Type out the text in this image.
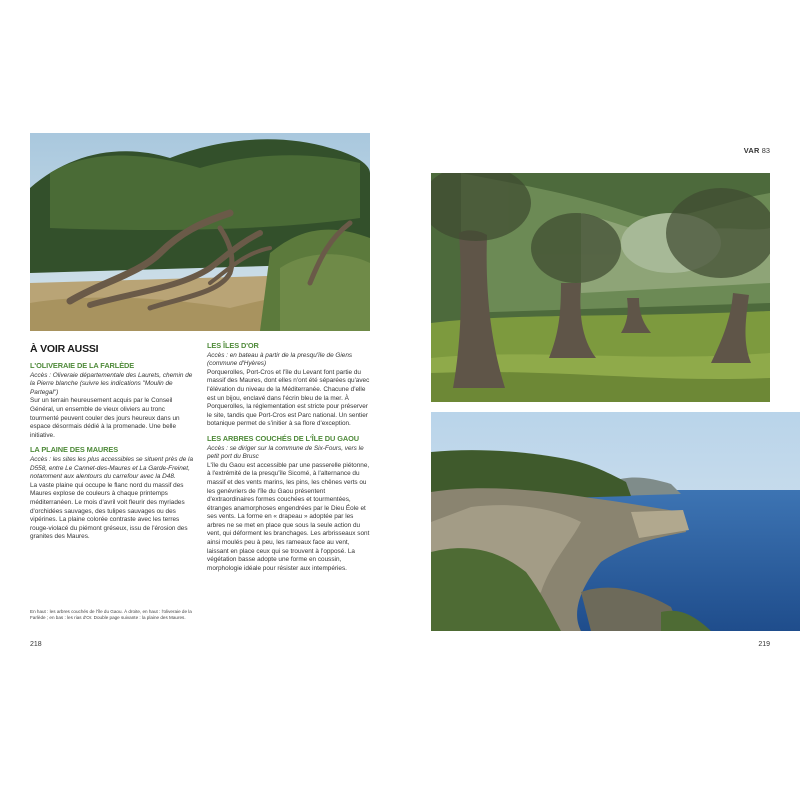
À VOIR AUSSI
L'OLIVERAIE DE LA FARLÈDE
Accès : Oliveraie départementale des Laurets, chemin de la Pierre blanche (suivre les indications "Moulin de Partegal")
Sur un terrain heureusement acquis par le Conseil Général, un ensemble de vieux oliviers au tronc tourmenté peuvent couler des jours heureux dans un espace désormais dédié à la promenade. Une belle initiative.
LA PLAINE DES MAURES
Accès : les sites les plus accessibles se situent près de la D558, entre Le Cannet-des-Maures et La Garde-Freinet, notamment aux alentours du carrefour avec la D48.
La vaste plaine qui occupe le flanc nord du massif des Maures explose de couleurs à chaque printemps méditerranéen. Le mois d'avril voit fleurir des myriades d'orchidées sauvages, des tulipes sauvages ou des vipérines. La plaine colorée contraste avec les terres rouge-violacé du piémont gréseux, issu de l'érosion des granites des Maures.
LES ÎLES D'OR
Accès : en bateau à partir de la presqu'île de Giens (commune d'Hyères)
Porquerolles, Port-Cros et l'île du Levant font partie du massif des Maures, dont elles n'ont été séparées qu'avec l'élévation du niveau de la Méditerranée. Chacune d'elle est un bijou, enclavé dans l'écrin bleu de la mer. À Porquerolles, la réglementation est stricte pour préserver le site, tandis que Port-Cros est Parc national. Un sentier botanique permet de s'initier à sa flore d'exception.
LES ARBRES COUCHÉS DE L'ÎLE DU GAOU
Accès : se diriger sur la commune de Six-Fours, vers le petit port du Brusc
L'île du Gaou est accessible par une passerelle piétonne, à l'extrémité de la presqu'île Sicomé, à l'alternance du massif et des vents marins, les pins, les chênes verts ou les genévriers de l'île du Gaou présentent d'extraordinaires formes couchées et tourmentées, étranges anamorphoses engendrées par le Dieu Éole et ses vents. La forme en « drapeau » adoptée par les arbres ne se met en place que sous la seule action du vent, qui déforment les branchages. Les arbrisseaux sont ainsi moulés peu à peu, les rameaux face au vent, laissant en place ceux qui se trouvent à l'opposé. La végétation basse adopte une forme en coussin, morphologie idéale pour résister aux intempéries.
En haut : les arbres couchés de l'île du Gaou. À droite, en haut : l'oliveraie de la Farlède ; en bas : les rias d'Or. Double page suivante : la plaine des Maures.
218
VAR 83
219
